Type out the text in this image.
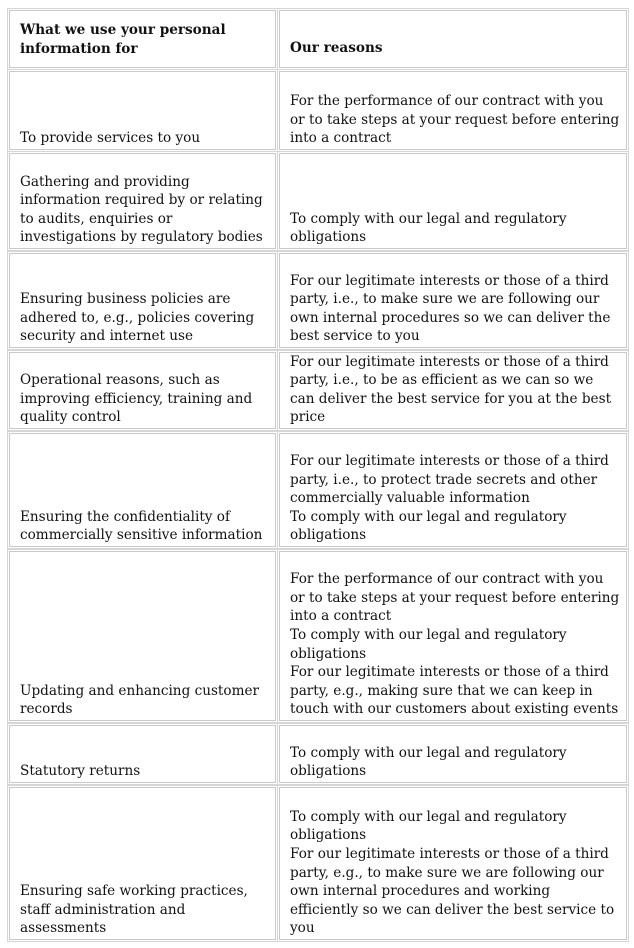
What we use your personal information for	Our reasons
To provide services to you
For the performance of our contract with you or to take steps at your request before entering into a contract
Gathering and providing information required by or relating to audits, enquiries or investigations by regulatory bodies
To comply with our legal and regulatory obligations
Ensuring business policies are adhered to, e.g., policies covering security and internet use
For our legitimate interests or those of a third party, i.e., to make sure we are following our own internal procedures so we can deliver the best service to you
Operational reasons, such as improving efficiency, training and quality control
For our legitimate interests or those of a third party, i.e., to be as efficient as we can so we can deliver the best service for you at the best price
Ensuring the confidentiality of commercially sensitive information
For our legitimate interests or those of a third party, i.e., to protect trade secrets and other commercially valuable information
To comply with our legal and regulatory obligations
Updating and enhancing customer records
For the performance of our contract with you or to take steps at your request before entering into a contract
To comply with our legal and regulatory obligations
For our legitimate interests or those of a third party, e.g., making sure that we can keep in touch with our customers about existing events
Statutory returns
To comply with our legal and regulatory obligations
Ensuring safe working practices, staff administration and assessments
To comply with our legal and regulatory obligations
For our legitimate interests or those of a third party, e.g., to make sure we are following our own internal procedures and working efficiently so we can deliver the best service to you
